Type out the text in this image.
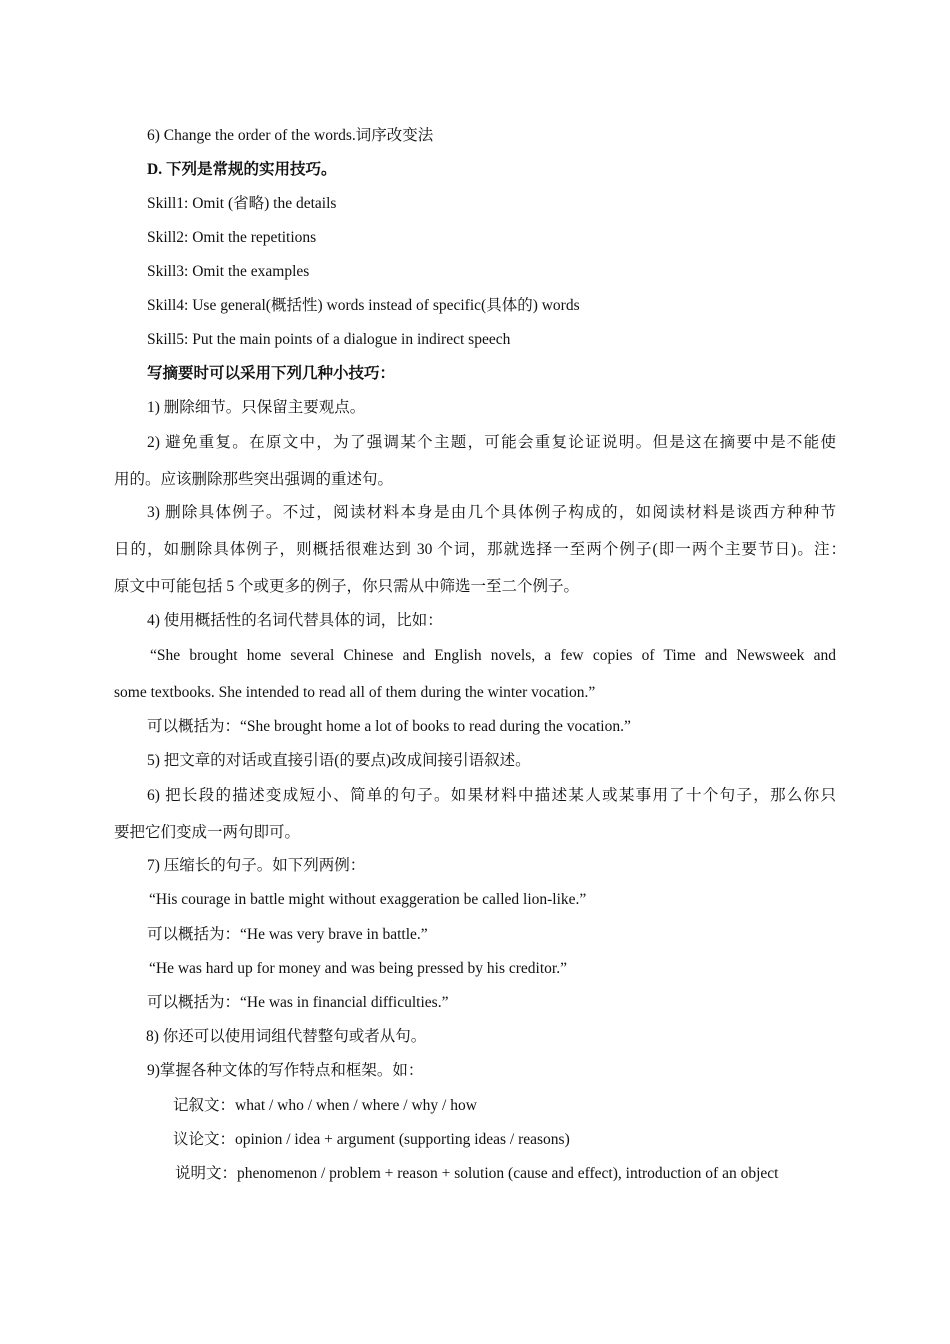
6) Change the order of the words.词序改变法
D. 下列是常规的实用技巧。
Skill1: Omit (省略) the details
Skill2: Omit the repetitions
Skill3: Omit the examples
Skill4: Use general(概括性) words instead of specific(具体的) words
Skill5: Put the main points of a dialogue in indirect speech
写摘要时可以采用下列几种小技巧：
1) 删除细节。只保留主要观点。
2) 避免重复。在原文中，为了强调某个主题，可能会重复论证说明。但是这在摘要中是不能使
用的。应该删除那些突出强调的重述句。
3) 删除具体例子。不过，阅读材料本身是由几个具体例子构成的，如阅读材料是谈西方种种节
日的，如删除具体例子，则概括很难达到 30 个词，那就选择一至两个例子(即一两个主要节日)。注：
原文中可能包括 5 个或更多的例子，你只需从中筛选一至二个例子。
4) 使用概括性的名词代替具体的词，比如：
“She brought home several Chinese and English novels, a few copies of Time and Newsweek and
some textbooks. She intended to read all of them during the winter vocation.”
可以概括为：“She brought home a lot of books to read during the vocation.”
5) 把文章的对话或直接引语(的要点)改成间接引语叙述。
6) 把长段的描述变成短小、简单的句子。如果材料中描述某人或某事用了十个句子，那么你只
要把它们变成一两句即可。
7) 压缩长的句子。如下列两例：
“His courage in battle might without exaggeration be called lion-like.”
可以概括为：“He was very brave in battle.”
“He was hard up for money and was being pressed by his creditor.”
可以概括为：“He was in financial difficulties.”
8) 你还可以使用词组代替整句或者从句。
9)掌握各种文体的写作特点和框架。如：
记叙文：what / who / when / where / why / how
议论文：opinion / idea + argument (supporting ideas / reasons)
说明文：phenomenon / problem + reason + solution (cause and effect), introduction of an object
